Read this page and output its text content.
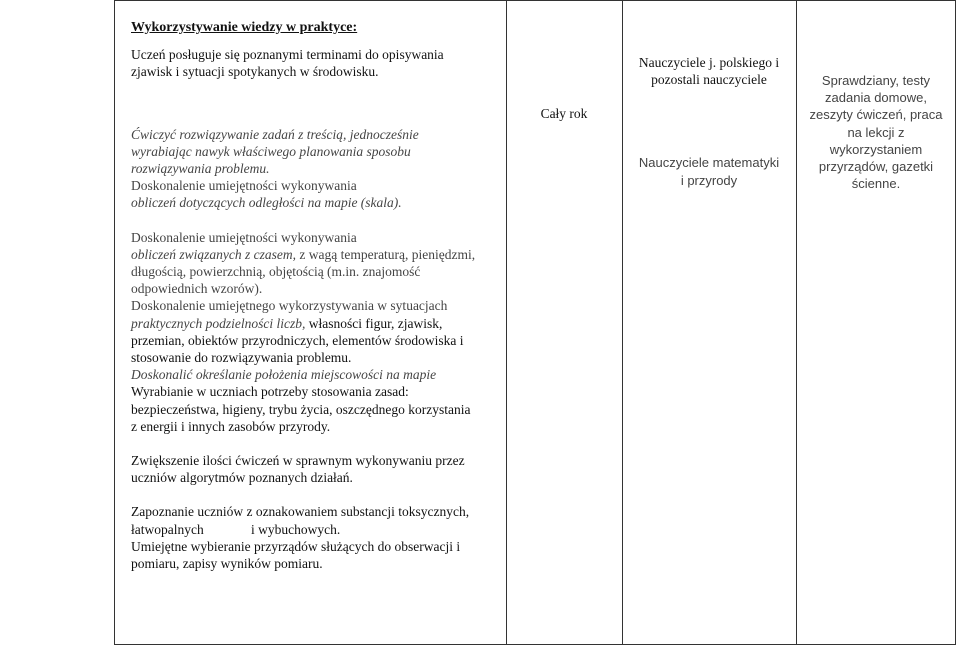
Wykorzystywanie wiedzy w praktyce:
Uczeń posługuje się poznanymi terminami do opisywania
zjawisk i sytuacji spotykanych w środowisku.
Ćwiczyć rozwiązywanie zadań z treścią, jednocześnie
wyrabiając nawyk właściwego planowania sposobu
rozwiązywania problemu.
Doskonalenie umiejętności wykonywania
obliczeń dotyczących odległości na mapie (skala).
Doskonalenie umiejętności wykonywania
obliczeń związanych z czasem, z wagą temperaturą, pieniędzmi,
długością, powierzchnią, objętością (m.in. znajomość
odpowiednich wzorów).
Doskonalenie umiejętnego wykorzystywania w sytuacjach
praktycznych podzielności liczb, własności figur, zjawisk,
przemian, obiektów przyrodniczych, elementów środowiska i
stosowanie do rozwiązywania problemu.
Doskonalić określanie położenia miejscowości na mapie
Wyrabianie w uczniach potrzeby stosowania zasad:
bezpieczeństwa, higieny, trybu życia, oszczędnego korzystania
z energii i innych zasobów przyrody.
Zwiększenie ilości ćwiczeń w sprawnym wykonywaniu przez
uczniów algorytmów poznanych działań.
Zapoznanie uczniów z oznakowaniem substancji toksycznych,
łatwopalnych              i wybuchowych.
Umiejętne wybieranie przyrządów służących do obserwacji i
pomiaru, zapisy wyników pomiaru.
Cały rok
Nauczyciele j. polskiego i
pozostali nauczyciele
Nauczyciele matematyki
i przyrody
Sprawdziany, testy
zadania domowe,
zeszyty ćwiczeń, praca
na lekcji z
wykorzystaniem
przyrządów, gazetki
ścienne.
